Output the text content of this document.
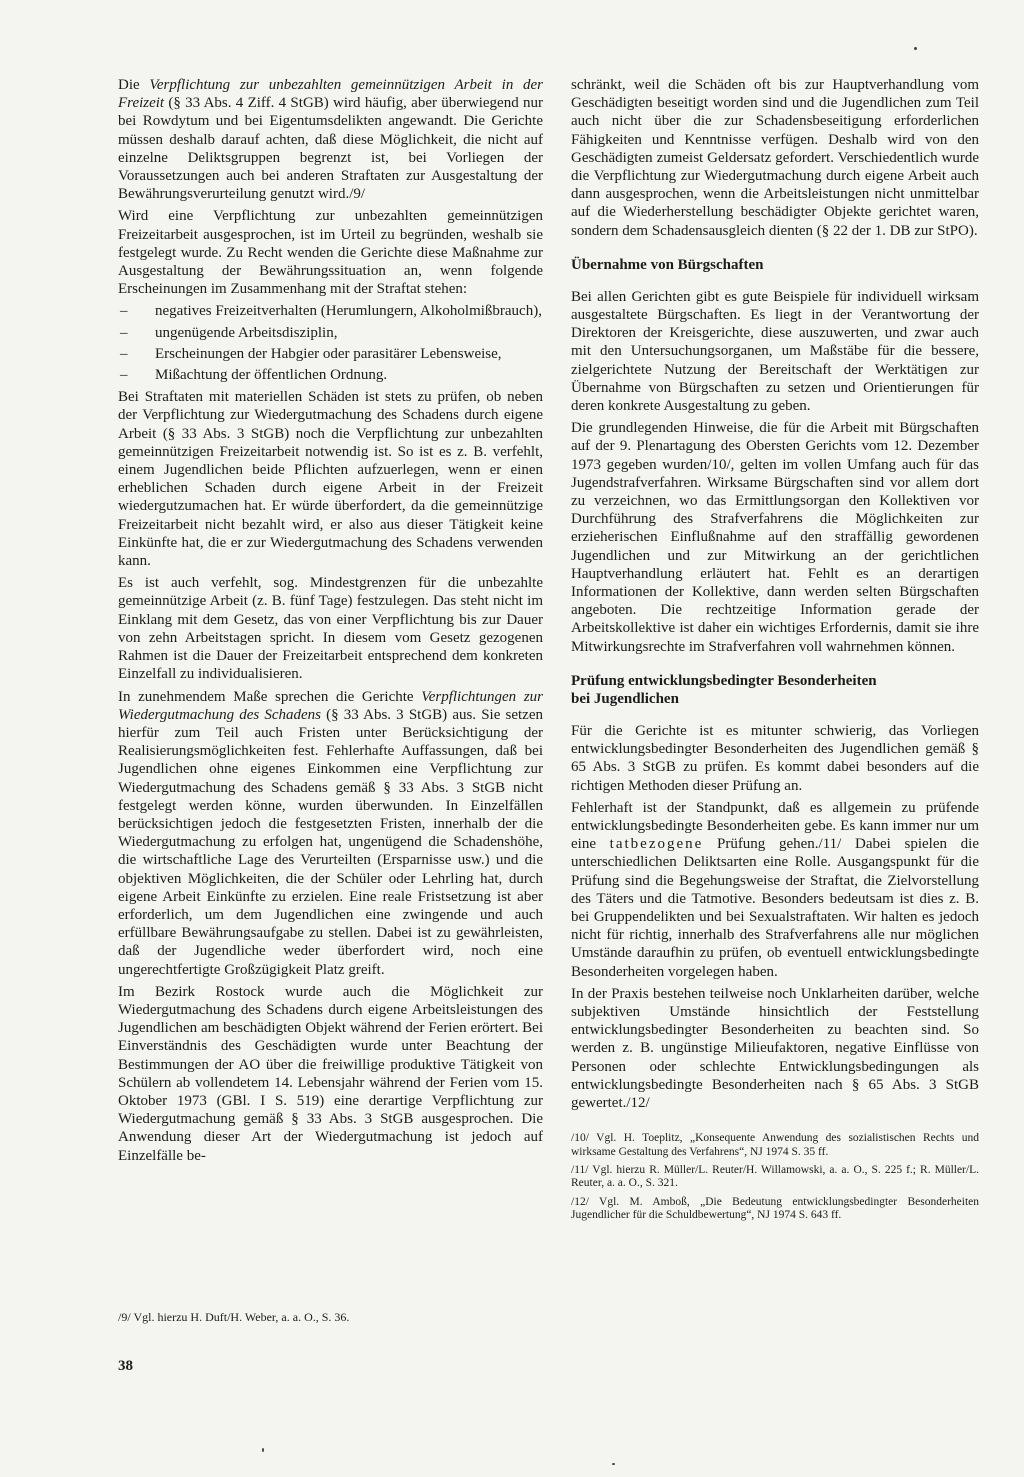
Die Verpflichtung zur unbezahlten gemeinnützigen Arbeit in der Freizeit (§ 33 Abs. 4 Ziff. 4 StGB) wird häufig, aber überwiegend nur bei Rowdytum und bei Eigentumsdelikten angewandt. Die Gerichte müssen deshalb darauf achten, daß diese Möglichkeit, die nicht auf einzelne Deliktsgruppen begrenzt ist, bei Vorliegen der Voraussetzungen auch bei anderen Straftaten zur Ausgestaltung der Bewährungsverurteilung genutzt wird./9/

Wird eine Verpflichtung zur unbezahlten gemeinnützigen Freizeitarbeit ausgesprochen, ist im Urteil zu begründen, weshalb sie festgelegt wurde. Zu Recht wenden die Gerichte diese Maßnahme zur Ausgestaltung der Bewährungssituation an, wenn folgende Erscheinungen im Zusammenhang mit der Straftat stehen:

– negatives Freizeitverhalten (Herumlungern, Alkoholmißbrauch),
– ungenügende Arbeitsdisziplin,
– Erscheinungen der Habgier oder parasitärer Lebensweise,
– Mißachtung der öffentlichen Ordnung.

Bei Straftaten mit materiellen Schäden ist stets zu prüfen, ob neben der Verpflichtung zur Wiedergutmachung des Schadens durch eigene Arbeit (§ 33 Abs. 3 StGB) noch die Verpflichtung zur unbezahlten gemeinnützigen Freizeitarbeit notwendig ist. So ist es z. B. verfehlt, einem Jugendlichen beide Pflichten aufzuerlegen, wenn er einen erheblichen Schaden durch eigene Arbeit in der Freizeit wiedergutzumachen hat. Er würde überfordert, da die gemeinnützige Freizeitarbeit nicht bezahlt wird, er also aus dieser Tätigkeit keine Einkünfte hat, die er zur Wiedergutmachung des Schadens verwenden kann.

Es ist auch verfehlt, sog. Mindestgrenzen für die unbezahlte gemeinnützige Arbeit (z. B. fünf Tage) festzulegen. Das steht nicht im Einklang mit dem Gesetz, das von einer Verpflichtung bis zur Dauer von zehn Arbeitstagen spricht. In diesem vom Gesetz gezogenen Rahmen ist die Dauer der Freizeitarbeit entsprechend dem konkreten Einzelfall zu individualisieren.

In zunehmendem Maße sprechen die Gerichte Verpflichtungen zur Wiedergutmachung des Schadens (§ 33 Abs. 3 StGB) aus. Sie setzen hierfür zum Teil auch Fristen unter Berücksichtigung der Realisierungsmöglichkeiten fest. Fehlerhafte Auffassungen, daß bei Jugendlichen ohne eigenes Einkommen eine Verpflichtung zur Wiedergutmachung des Schadens gemäß § 33 Abs. 3 StGB nicht festgelegt werden könne, wurden überwunden. In Einzelfällen berücksichtigen jedoch die festgesetzten Fristen, innerhalb der die Wiedergutmachung zu erfolgen hat, ungenügend die Schadenshöhe, die wirtschaftliche Lage des Verurteilten (Ersparnisse usw.) und die objektiven Möglichkeiten, die der Schüler oder Lehrling hat, durch eigene Arbeit Einkünfte zu erzielen. Eine reale Fristsetzung ist aber erforderlich, um dem Jugendlichen eine zwingende und auch erfüllbare Bewährungsaufgabe zu stellen. Dabei ist zu gewährleisten, daß der Jugendliche weder überfordert wird, noch eine ungerechtfertigte Großzügigkeit Platz greift.

Im Bezirk Rostock wurde auch die Möglichkeit zur Wiedergutmachung des Schadens durch eigene Arbeitsleistungen des Jugendlichen am beschädigten Objekt während der Ferien erörtert. Bei Einverständnis des Geschädigten wurde unter Beachtung der Bestimmungen der AO über die freiwillige produktive Tätigkeit von Schülern ab vollendetem 14. Lebensjahr während der Ferien vom 15. Oktober 1973 (GBl. I S. 519) eine derartige Verpflichtung zur Wiedergutmachung gemäß § 33 Abs. 3 StGB ausgesprochen. Die Anwendung dieser Art der Wiedergutmachung ist jedoch auf Einzelfälle be-

/9/ Vgl. hierzu H. Duft/H. Weber, a. a. O., S. 36.

schränkt, weil die Schäden oft bis zur Hauptverhandlung vom Geschädigten beseitigt worden sind und die Jugendlichen zum Teil auch nicht über die zur Schadensbeseitigung erforderlichen Fähigkeiten und Kenntnisse verfügen. Deshalb wird von den Geschädigten zumeist Geldersatz gefordert. Verschiedentlich wurde die Verpflichtung zur Wiedergutmachung durch eigene Arbeit auch dann ausgesprochen, wenn die Arbeitsleistungen nicht unmittelbar auf die Wiederherstellung beschädigter Objekte gerichtet waren, sondern dem Schadensausgleich dienten (§ 22 der 1. DB zur StPO).

Übernahme von Bürgschaften

Bei allen Gerichten gibt es gute Beispiele für individuell wirksam ausgestaltete Bürgschaften. Es liegt in der Verantwortung der Direktoren der Kreisgerichte, diese auszuwerten, und zwar auch mit den Untersuchungsorganen, um Maßstäbe für die bessere, zielgerichtete Nutzung der Bereitschaft der Werktätigen zur Übernahme von Bürgschaften zu setzen und Orientierungen für deren konkrete Ausgestaltung zu geben.

Die grundlegenden Hinweise, die für die Arbeit mit Bürgschaften auf der 9. Plenartagung des Obersten Gerichts vom 12. Dezember 1973 gegeben wurden/10/, gelten im vollen Umfang auch für das Jugendstrafverfahren. Wirksame Bürgschaften sind vor allem dort zu verzeichnen, wo das Ermittlungsorgan den Kollektiven vor Durchführung des Strafverfahrens die Möglichkeiten zur erzieherischen Einflußnahme auf den straffällig gewordenen Jugendlichen und zur Mitwirkung an der gerichtlichen Hauptverhandlung erläutert hat. Fehlt es an derartigen Informationen der Kollektive, dann werden selten Bürgschaften angeboten. Die rechtzeitige Information gerade der Arbeitskollektive ist daher ein wichtiges Erfordernis, damit sie ihre Mitwirkungsrechte im Strafverfahren voll wahrnehmen können.

Prüfung entwicklungsbedingter Besonderheiten
bei Jugendlichen

Für die Gerichte ist es mitunter schwierig, das Vorliegen entwicklungsbedingter Besonderheiten des Jugendlichen gemäß § 65 Abs. 3 StGB zu prüfen. Es kommt dabei besonders auf die richtigen Methoden dieser Prüfung an.

Fehlerhaft ist der Standpunkt, daß es allgemein zu prüfende entwicklungsbedingte Besonderheiten gebe. Es kann immer nur um eine tatbezogene Prüfung gehen./11/ Dabei spielen die unterschiedlichen Deliktsarten eine Rolle. Ausgangspunkt für die Prüfung sind die Begehungsweise der Straftat, die Zielvorstellung des Täters und die Tatmotive. Besonders bedeutsam ist dies z. B. bei Gruppendelikten und bei Sexualstraftaten. Wir halten es jedoch nicht für richtig, innerhalb des Strafverfahrens alle nur möglichen Umstände daraufhin zu prüfen, ob eventuell entwicklungsbedingte Besonderheiten vorgelegen haben.

In der Praxis bestehen teilweise noch Unklarheiten darüber, welche subjektiven Umstände hinsichtlich der Feststellung entwicklungsbedingter Besonderheiten zu beachten sind. So werden z. B. ungünstige Milieufaktoren, negative Einflüsse von Personen oder schlechte Entwicklungsbedingungen als entwicklungsbedingte Besonderheiten nach § 65 Abs. 3 StGB gewertet./12/

/10/ Vgl. H. Toeplitz, „Konsequente Anwendung des sozialistischen Rechts und wirksame Gestaltung des Verfahrens“, NJ 1974 S. 35 ff.

/11/ Vgl. hierzu R. Müller/L. Reuter/H. Willamowski, a. a. O., S. 225 f.; R. Müller/L. Reuter, a. a. O., S. 321.

/12/ Vgl. M. Amboß, „Die Bedeutung entwicklungsbedingter Besonderheiten Jugendlicher für die Schuldbewertung“, NJ 1974 S. 643 ff.

38
